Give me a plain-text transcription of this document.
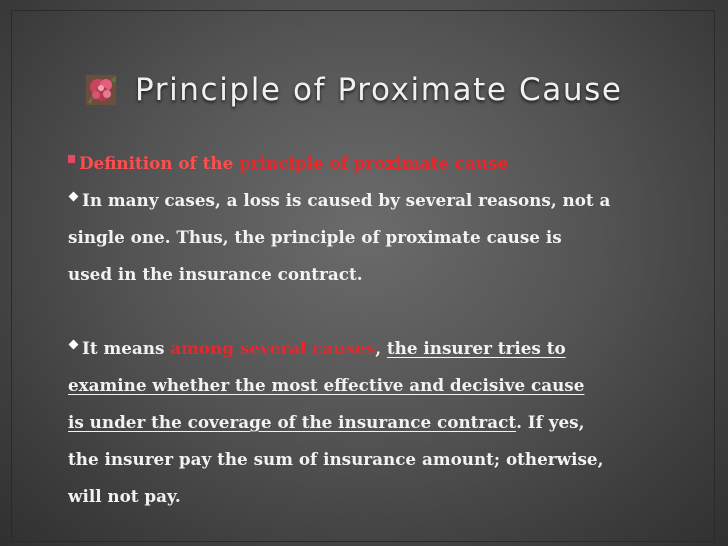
Principle of Proximate Cause

Definition of the principle of proximate cause

In many cases, a loss is caused by several reasons, not a
single one. Thus, the principle of proximate cause is
used in the insurance contract.

It means among several causes, the insurer tries to
examine whether the most effective and decisive cause
is under the coverage of the insurance contract. If yes,
the insurer pay the sum of insurance amount; otherwise,
will not pay.
